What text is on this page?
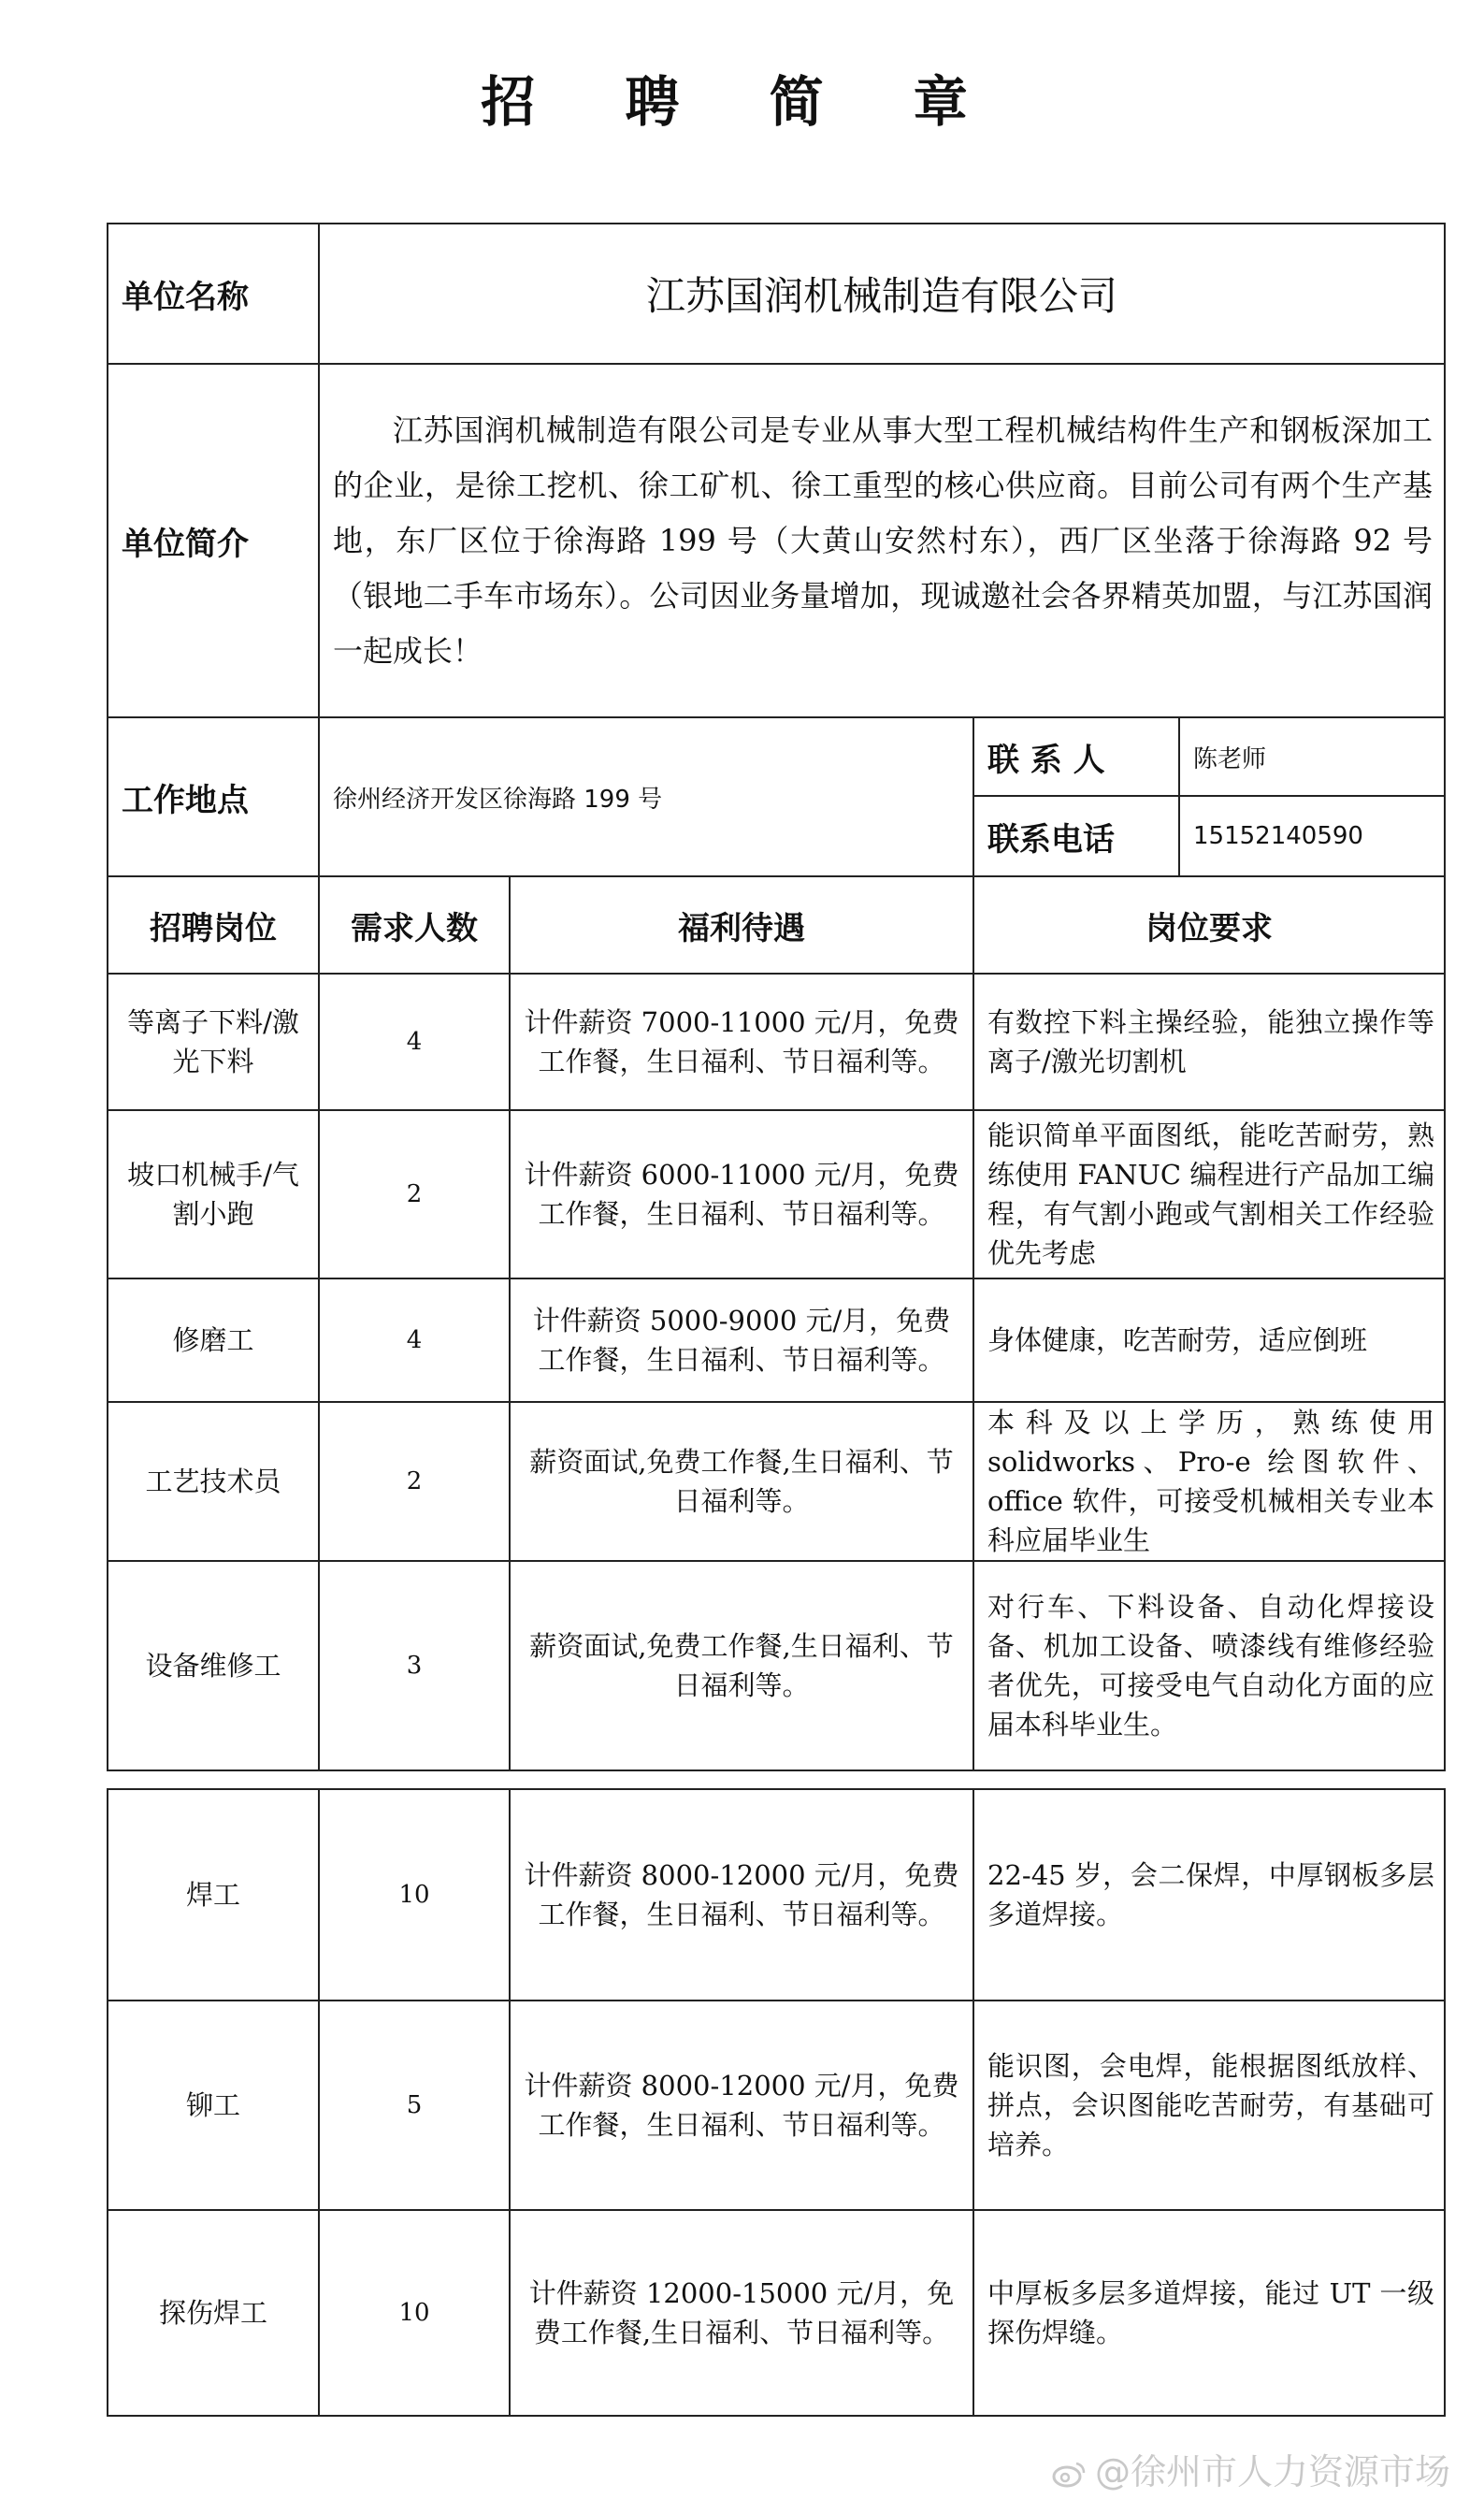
招 聘 简 章
单位名称	江苏国润机械制造有限公司			
单位简介	江苏国润机械制造有限公司是专业从事大型工程机械结构件生产和钢板深加工的企业，是徐工挖机、徐工矿机、徐工重型的核心供应商。目前公司有两个生产基地，东厂区位于徐海路 199 号（大黄山安然村东），西厂区坐落于徐海路 92 号（银地二手车市场东）。公司因业务量增加，现诚邀社会各界精英加盟，与江苏国润一起成长！			

工作地点	徐州经济开发区徐海路 199 号		联 系 人	陈老师
			联系电话	15152140590
招聘岗位	需求人数	福利待遇	岗位要求	
等离子下料/激光下料	4	计件薪资 7000-11000 元/月，免费工作餐，生日福利、节日福利等。	有数控下料主操经验，能独立操作等离子/激光切割机	
坡口机械手/气割小跑	2	计件薪资 6000-11000 元/月，免费工作餐，生日福利、节日福利等。	能识简单平面图纸，能吃苦耐劳，熟练使用 FANUC 编程进行产品加工编程，有气割小跑或气割相关工作经验优先考虑	
修磨工	4	计件薪资 5000-9000 元/月，免费工作餐，生日福利、节日福利等。	身体健康，吃苦耐劳，适应倒班	
工艺技术员	2	薪资面试,免费工作餐,生日福利、节日福利等。	本科及以上学历，熟练使用 solidworks、Pro-e 绘图软件、office 软件，可接受机械相关专业本科应届毕业生	
设备维修工	3	薪资面试,免费工作餐,生日福利、节日福利等。	对行车、下料设备、自动化焊接设备、机加工设备、喷漆线有维修经验者优先，可接受电气自动化方面的应届本科毕业生。	
焊工	10	计件薪资 8000-12000 元/月，免费工作餐，生日福利、节日福利等。	22-45 岁，会二保焊，中厚钢板多层多道焊接。
铆工	5	计件薪资 8000-12000 元/月，免费工作餐，生日福利、节日福利等。	能识图，会电焊，能根据图纸放样、拼点，会识图能吃苦耐劳，有基础可培养。
探伤焊工	10	计件薪资 12000-15000 元/月，免费工作餐,生日福利、节日福利等。	中厚板多层多道焊接，能过 UT 一级探伤焊缝。
@徐州市人力资源市场
